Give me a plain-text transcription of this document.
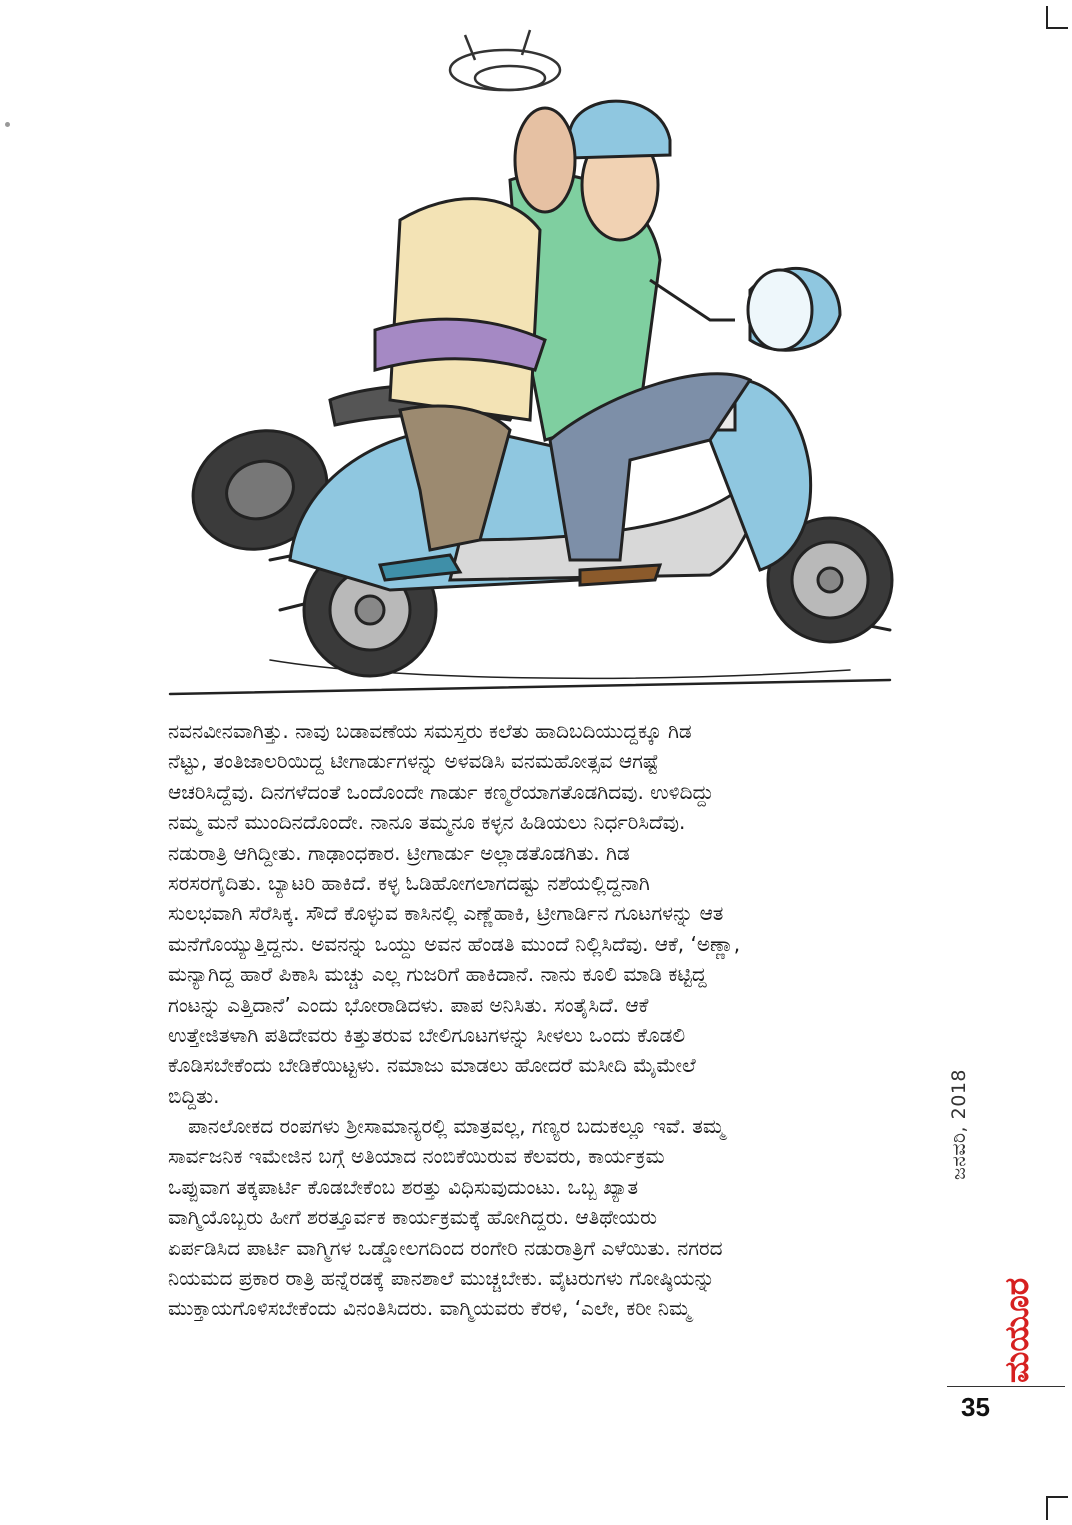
ನವನವೀನವಾಗಿತ್ತು. ನಾವು ಬಡಾವಣೆಯ ಸಮಸ್ತರು ಕಲೆತು ಹಾದಿಬದಿಯುದ್ದಕ್ಕೂ ಗಿಡ
ನೆಟ್ಟು, ತಂತಿಜಾಲರಿಯಿದ್ದ ಟೀಗಾರ್ಡುಗಳನ್ನು ಅಳವಡಿಸಿ ವನಮಹೋತ್ಸವ ಆಗಷ್ಟೆ
ಆಚರಿಸಿದ್ದೆವು. ದಿನಗಳೆದಂತೆ ಒಂದೊಂದೇ ಗಾರ್ಡು ಕಣ್ಮರೆಯಾಗತೊಡಗಿದವು. ಉಳಿದಿದ್ದು
ನಮ್ಮ ಮನೆ ಮುಂದಿನದೊಂದೇ. ನಾನೂ ತಮ್ಮನೂ ಕಳ್ಳನ ಹಿಡಿಯಲು ನಿರ್ಧರಿಸಿದೆವು.
ನಡುರಾತ್ರಿ ಆಗಿದ್ದೀತು. ಗಾಢಾಂಧಕಾರ. ಟ್ರೀಗಾರ್ಡು ಅಲ್ಲಾಡತೊಡಗಿತು. ಗಿಡ
ಸರಸರಗೈದಿತು. ಬ್ಯಾಟರಿ ಹಾಕಿದೆ. ಕಳ್ಳ ಓಡಿಹೋಗಲಾಗದಷ್ಟು ನಶೆಯಲ್ಲಿದ್ದನಾಗಿ
ಸುಲಭವಾಗಿ ಸೆರೆಸಿಕ್ಕ. ಸೌದೆ ಕೊಳ್ಳುವ ಕಾಸಿನಲ್ಲಿ ಎಣ್ಣೆಹಾಕಿ, ಟ್ರೀಗಾರ್ಡಿನ ಗೂಟಗಳನ್ನು ಆತ
ಮನೆಗೊಯ್ಯುತ್ತಿದ್ದನು. ಅವನನ್ನು ಒಯ್ದು ಅವನ ಹೆಂಡತಿ ಮುಂದೆ ನಿಲ್ಲಿಸಿದೆವು. ಆಕೆ, ‘ಅಣ್ಣಾ,
ಮನ್ಯಾಗಿದ್ದ ಹಾರೆ ಪಿಕಾಸಿ ಮಚ್ಚು ಎಲ್ಲ ಗುಜರಿಗೆ ಹಾಕಿದಾನೆ. ನಾನು ಕೂಲಿ ಮಾಡಿ ಕಟ್ಟಿದ್ದ
ಗಂಟನ್ನು ಎತ್ತಿದಾನೆ’ ಎಂದು ಭೋರಾಡಿದಳು. ಪಾಪ ಅನಿಸಿತು. ಸಂತೈಸಿದೆ. ಆಕೆ
ಉತ್ತೇಜಿತಳಾಗಿ ಪತಿದೇವರು ಕಿತ್ತುತರುವ ಬೇಲಿಗೂಟಗಳನ್ನು ಸೀಳಲು ಒಂದು ಕೊಡಲಿ
ಕೊಡಿಸಬೇಕೆಂದು ಬೇಡಿಕೆಯಿಟ್ಟಳು. ನಮಾಜು ಮಾಡಲು ಹೋದರೆ ಮಸೀದಿ ಮೈಮೇಲೆ
ಬಿದ್ದಿತು.
ಪಾನಲೋಕದ ರಂಪಗಳು ಶ್ರೀಸಾಮಾನ್ಯರಲ್ಲಿ ಮಾತ್ರವಲ್ಲ, ಗಣ್ಯರ ಬದುಕಲ್ಲೂ ಇವೆ. ತಮ್ಮ
ಸಾರ್ವಜನಿಕ ಇಮೇಜಿನ ಬಗ್ಗೆ ಅತಿಯಾದ ನಂಬಿಕೆಯಿರುವ ಕೆಲವರು, ಕಾರ್ಯಕ್ರಮ
ಒಪ್ಪುವಾಗ ತಕ್ಕಪಾರ್ಟಿ ಕೊಡಬೇಕೆಂಬ ಶರತ್ತು ವಿಧಿಸುವುದುಂಟು. ಒಬ್ಬ ಖ್ಯಾತ
ವಾಗ್ಮಿಯೊಬ್ಬರು ಹೀಗೆ ಶರತ್ತೂರ್ವಕ ಕಾರ್ಯಕ್ರಮಕ್ಕೆ ಹೋಗಿದ್ದರು. ಆತಿಥೇಯರು
ಏರ್ಪಡಿಸಿದ ಪಾರ್ಟಿ ವಾಗ್ಮಿಗಳ ಒಡ್ಡೋಲಗದಿಂದ ರಂಗೇರಿ ನಡುರಾತ್ರಿಗೆ ಎಳೆಯಿತು. ನಗರದ
ನಿಯಮದ ಪ್ರಕಾರ ರಾತ್ರಿ ಹನ್ನೆರಡಕ್ಕೆ ಪಾನಶಾಲೆ ಮುಚ್ಚಬೇಕು. ವೈಟರುಗಳು ಗೋಷ್ಠಿಯನ್ನು
ಮುಕ್ತಾಯಗೊಳಿಸಬೇಕೆಂದು ವಿನಂತಿಸಿದರು. ವಾಗ್ಮಿಯವರು ಕೆರಳಿ, ‘ಎಲೇ, ಕರೀ ನಿಮ್ಮ
ಜನವರಿ, 2018
ಮಯೂರ
35
